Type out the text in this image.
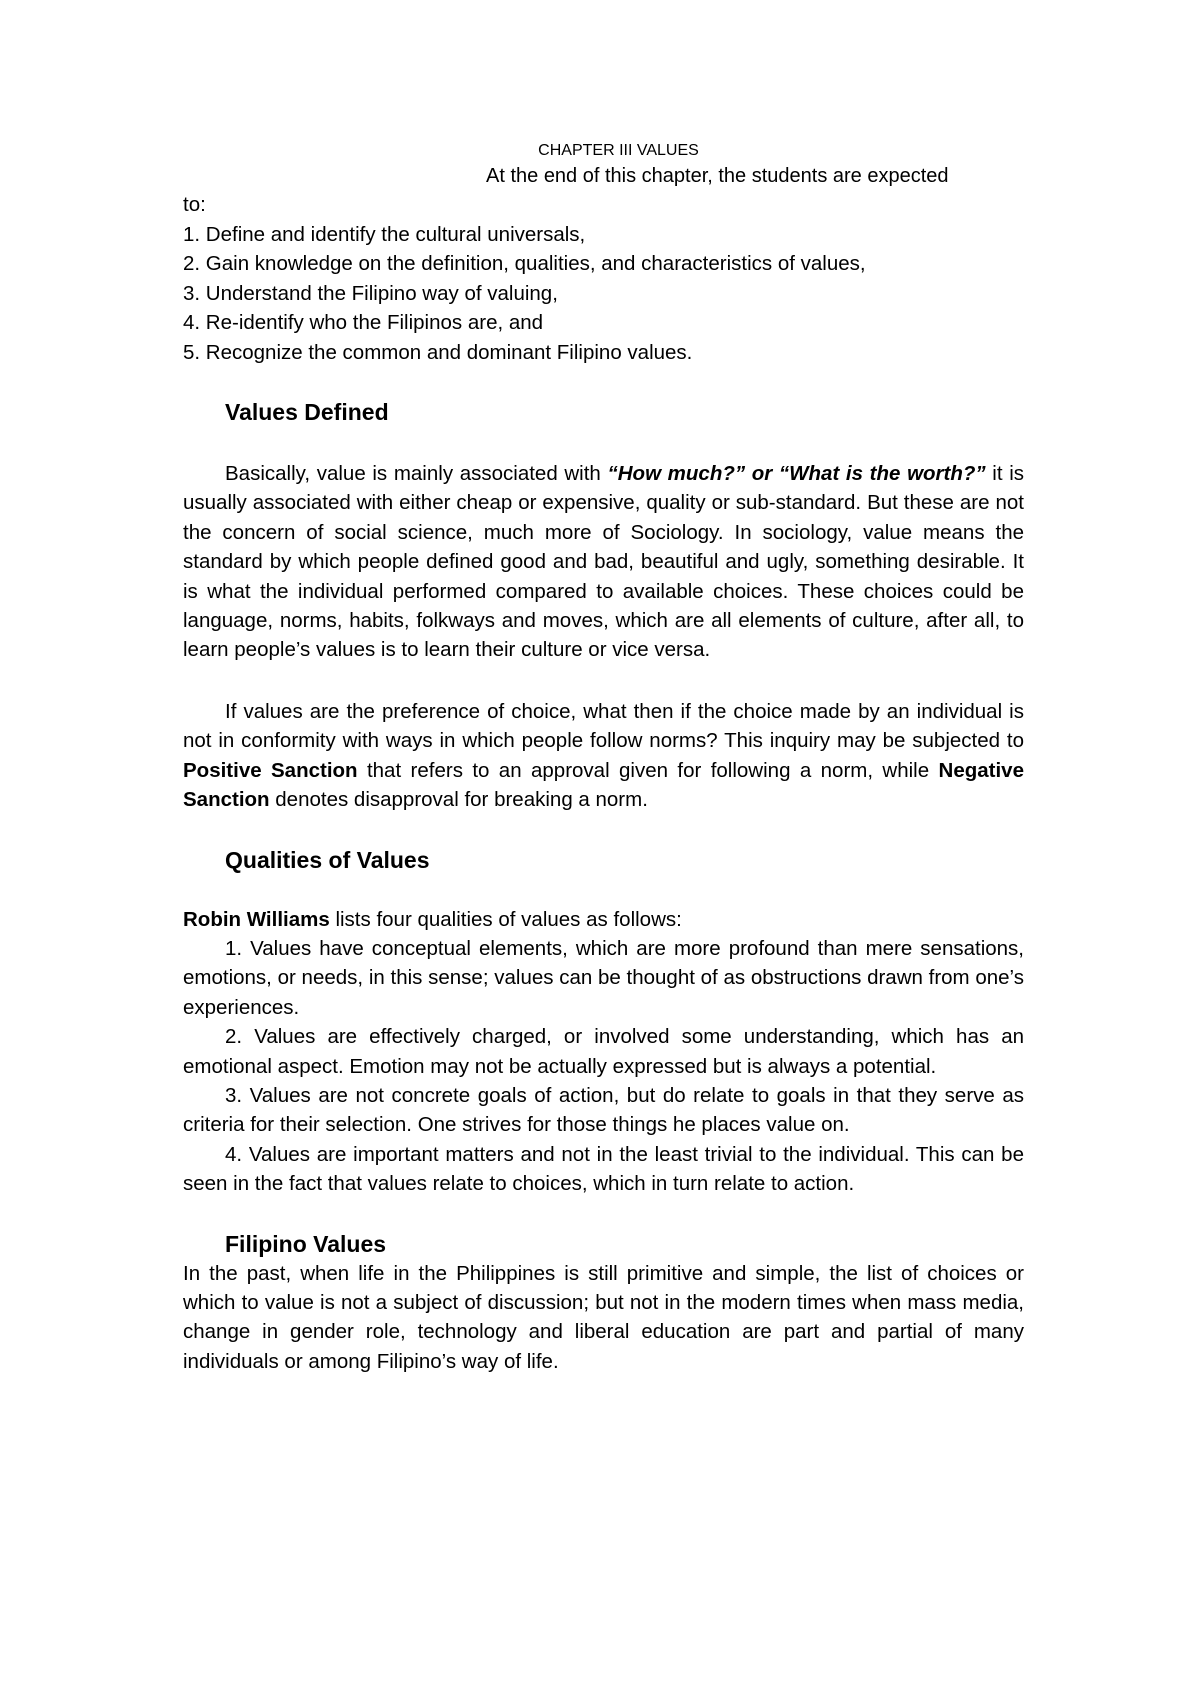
CHAPTER III VALUES

At the end of this chapter, the students are expected

to:

1. Define and identify the cultural universals,
2. Gain knowledge on the definition, qualities, and characteristics of values,
3. Understand the Filipino way of valuing,
4. Re-identify who the Filipinos are, and
5. Recognize the common and dominant Filipino values.
Values Defined

Basically, value is mainly associated with “How much?” or “What is the worth?” it is usually associated with either cheap or expensive, quality or sub-standard. But these are not the concern of social science, much more of Sociology. In sociology, value means the standard by which people defined good and bad, beautiful and ugly, something desirable. It is what the individual performed compared to available choices. These choices could be language, norms, habits, folkways and moves, which are all elements of culture, after all, to learn people’s values is to learn their culture or vice versa.

If values are the preference of choice, what then if the choice made by an individual is not in conformity with ways in which people follow norms? This inquiry may be subjected to Positive Sanction that refers to an approval given for following a norm, while Negative Sanction denotes disapproval for breaking a norm.

Qualities of Values

Robin Williams lists four qualities of values as follows:

1. Values have conceptual elements, which are more profound than mere sensations, emotions, or needs, in this sense; values can be thought of as obstructions drawn from one’s experiences.

2. Values are effectively charged, or involved some understanding, which has an emotional aspect. Emotion may not be actually expressed but is always a potential.

3. Values are not concrete goals of action, but do relate to goals in that they serve as criteria for their selection. One strives for those things he places value on.

4. Values are important matters and not in the least trivial to the individual. This can be seen in the fact that values relate to choices, which in turn relate to action.

Filipino Values

In the past, when life in the Philippines is still primitive and simple, the list of choices or which to value is not a subject of discussion; but not in the modern times when mass media, change in gender role, technology and liberal education are part and partial of many individuals or among Filipino’s way of life.
